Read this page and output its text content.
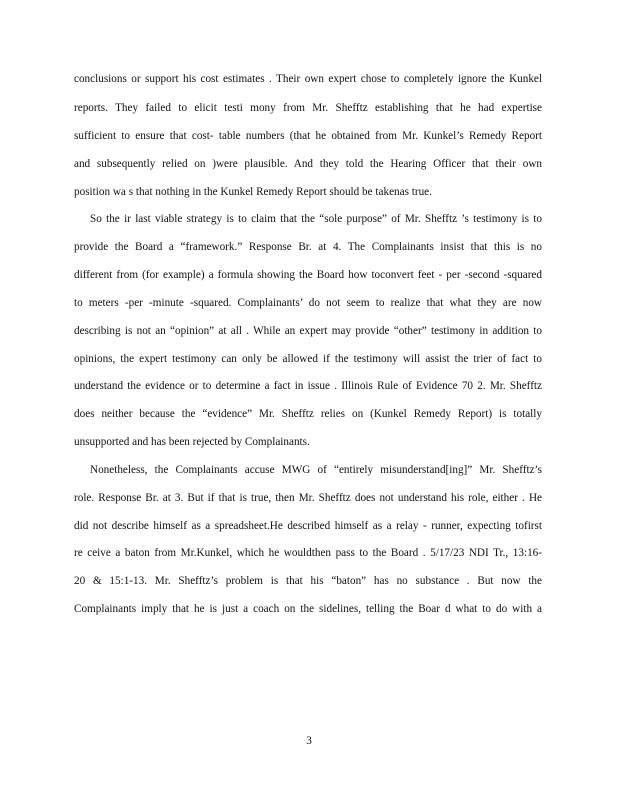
conclusions or support his cost estimates . Their own expert chose to completely ignore the Kunkel
reports. They failed to elicit testi mony from Mr. Shefftz establishing that he had expertise
sufficient to ensure that cost- table numbers (that he obtained from Mr. Kunkel’s Remedy Report
and subsequently relied on )were plausible. And they told the Hearing Officer that their own
position wa s that nothing in the Kunkel Remedy Report should be takenas true.
So the ir last viable strategy is to claim that the “sole purpose” of Mr. Shefftz ’s testimony is to
provide the Board a “framework.” Response Br. at 4. The Complainants insist that this is no
different from (for example) a formula showing the Board how toconvert feet - per -second -squared
to meters -per -minute -squared. Complainants’ do not seem to realize that what they are now
describing is not an “opinion” at all . While an expert may provide “other” testimony in addition to
opinions, the expert testimony can only be allowed if the testimony will assist the trier of fact to
understand the evidence or to determine a fact in issue . Illinois Rule of Evidence 70 2. Mr. Shefftz
does neither because the “evidence” Mr. Shefftz relies on (Kunkel Remedy Report) is totally
unsupported and has been rejected by Complainants.
Nonetheless, the Complainants accuse MWG of “entirely misunderstand[ing]” Mr. Shefftz’s
role. Response Br. at 3. But if that is true, then Mr. Shefftz does not understand his role, either . He
did not describe himself as a spreadsheet.He described himself as a relay - runner, expecting tofirst
re ceive a baton from Mr.Kunkel, which he wouldthen pass to the Board . 5/17/23 NDI Tr., 13:16-
20 & 15:1-13. Mr. Shefftz’s problem is that his “baton” has no substance . But now the
Complainants imply that he is just a coach on the sidelines, telling the Boar d what to do with a
3
